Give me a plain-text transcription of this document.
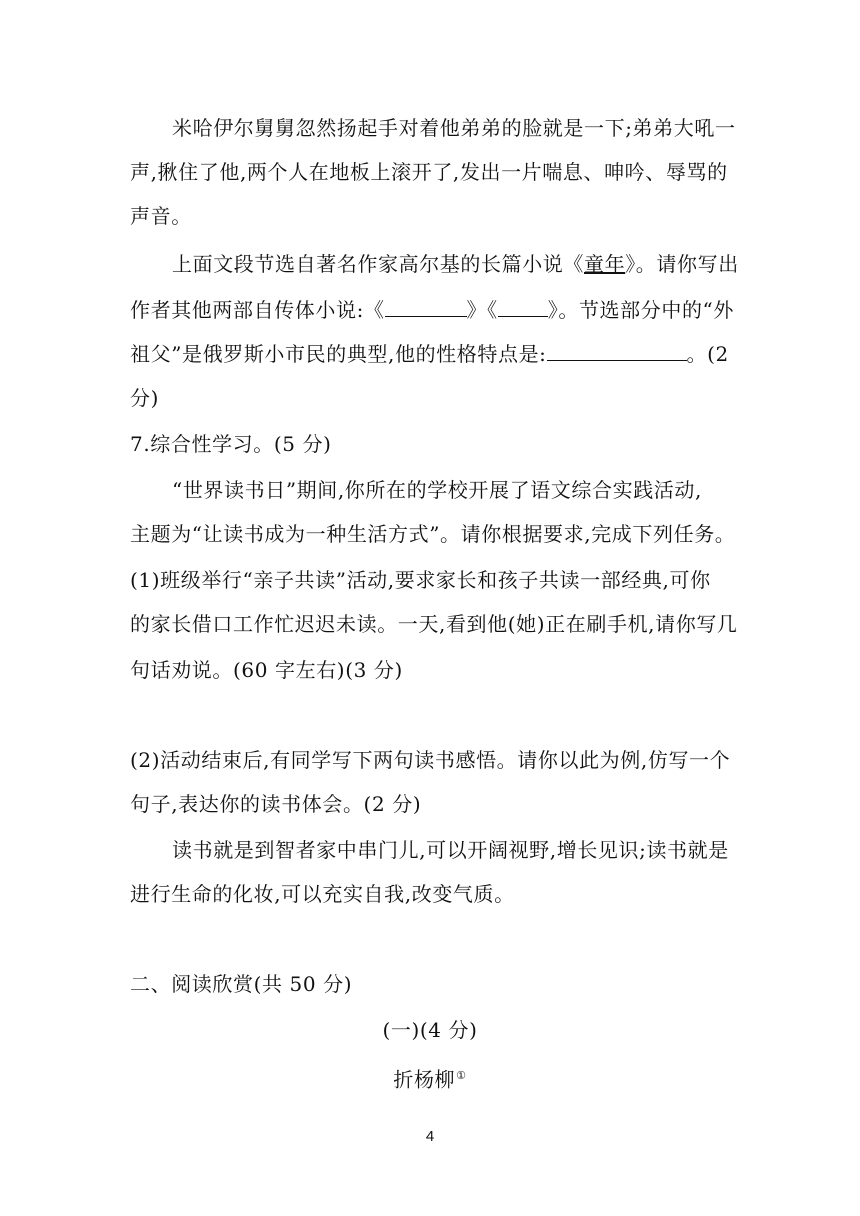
米哈伊尔舅舅忽然扬起手对着他弟弟的脸就是一下;弟弟大吼一
声,揪住了他,两个人在地板上滚开了,发出一片喘息、呻吟、辱骂的
声音。
上面文段节选自著名作家高尔基的长篇小说《童年》。请你写出
作者其他两部自传体小说:《	》《	》。节选部分中的“外
祖父”是俄罗斯小市民的典型,他的性格特点是:	。(2
分)
7.综合性学习。(5 分)
“世界读书日”期间,你所在的学校开展了语文综合实践活动,
主题为“让读书成为一种生活方式”。请你根据要求,完成下列任务。
(1)班级举行“亲子共读”活动,要求家长和孩子共读一部经典,可你
的家长借口工作忙迟迟未读。一天,看到他(她)正在刷手机,请你写几
句话劝说。(60 字左右)(3 分)
(2)活动结束后,有同学写下两句读书感悟。请你以此为例,仿写一个
句子,表达你的读书体会。(2 分)
读书就是到智者家中串门儿,可以开阔视野,增长见识;读书就是
进行生命的化妆,可以充实自我,改变气质。
二、阅读欣赏(共 50 分)
(一)(4 分)
折杨柳①
4
